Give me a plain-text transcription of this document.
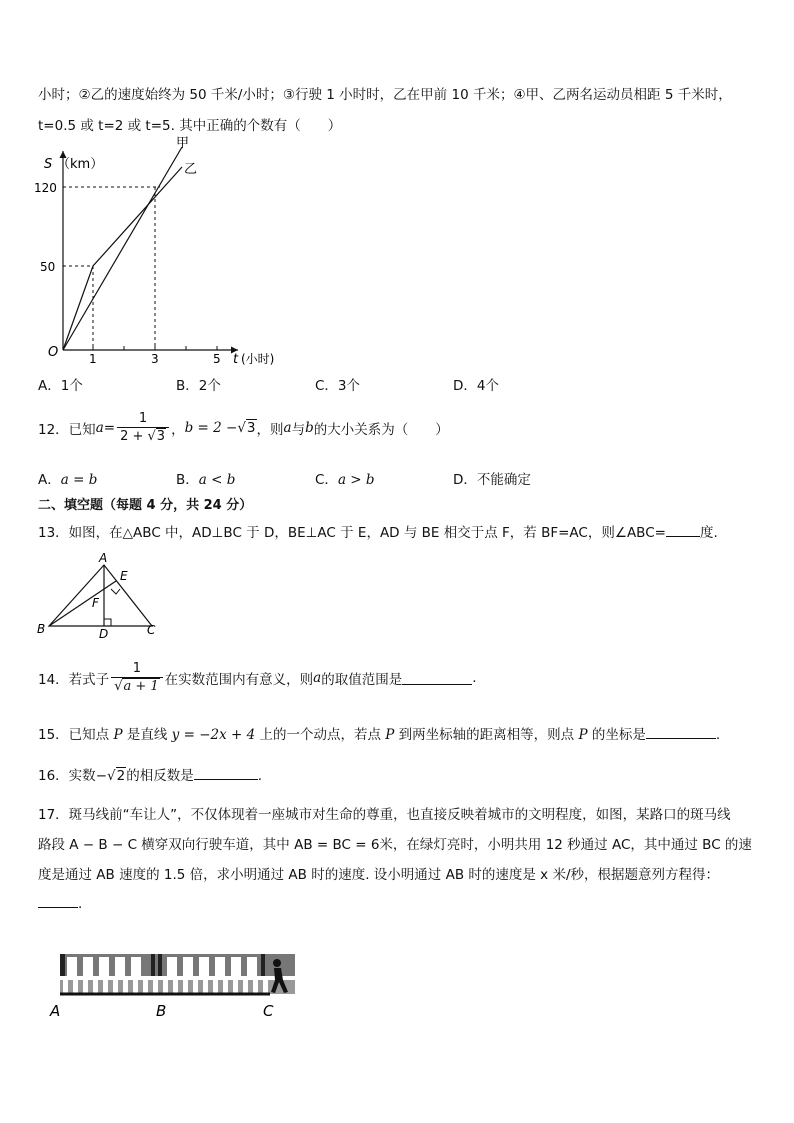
小时；②乙的速度始终为 50 千米/小时；③行驶 1 小时时，乙在甲前 10 千米；④甲、乙两名运动员相距 5 千米时，
t=0.5 或 t=2 或 t=5. 其中正确的个数有（　　）
S （km）
120
50
O	1	3	5 t (小时)
甲
乙
A．1个	B．2个	C．3个	D．4个
12．已知 $a = \frac{1}{2 + √3}$ ， b = 2 − √ 3 ，则 a 与 b 的大小关系为（　　）
A．a = b	B．a < b	C．a > b	D．不能确定
二、填空题（每题 4 分，共 24 分）
13．如图，在△ABC 中，AD⊥BC 于 D，BE⊥AC 于 E，AD 与 BE 相交于点 F，若 BF=AC，则∠ABC=	度.
A
B	C
D
E
F
14．若式子 $\frac{1}{√a + 1}$ 在实数范围内有意义，则 a 的取值范围是	.
15．已知点 P 是直线 y = −2x + 4 上的一个动点，若点 P 到两坐标轴的距离相等，则点 P 的坐标是	.
16．实数−√2的相反数是	.
17．斑马线前“车让人”，不仅体现着一座城市对生命的尊重，也直接反映着城市的文明程度，如图，某路口的斑马线
路段 A − B − C 横穿双向行驶车道，其中 AB = BC = 6米，在绿灯亮时，小明共用 12 秒通过 AC，其中通过 BC 的速
度是通过 AB 速度的 1.5 倍，求小明通过 AB 时的速度. 设小明通过 AB 时的速度是 x 米/秒，根据题意列方程得：
.
A	B	C
